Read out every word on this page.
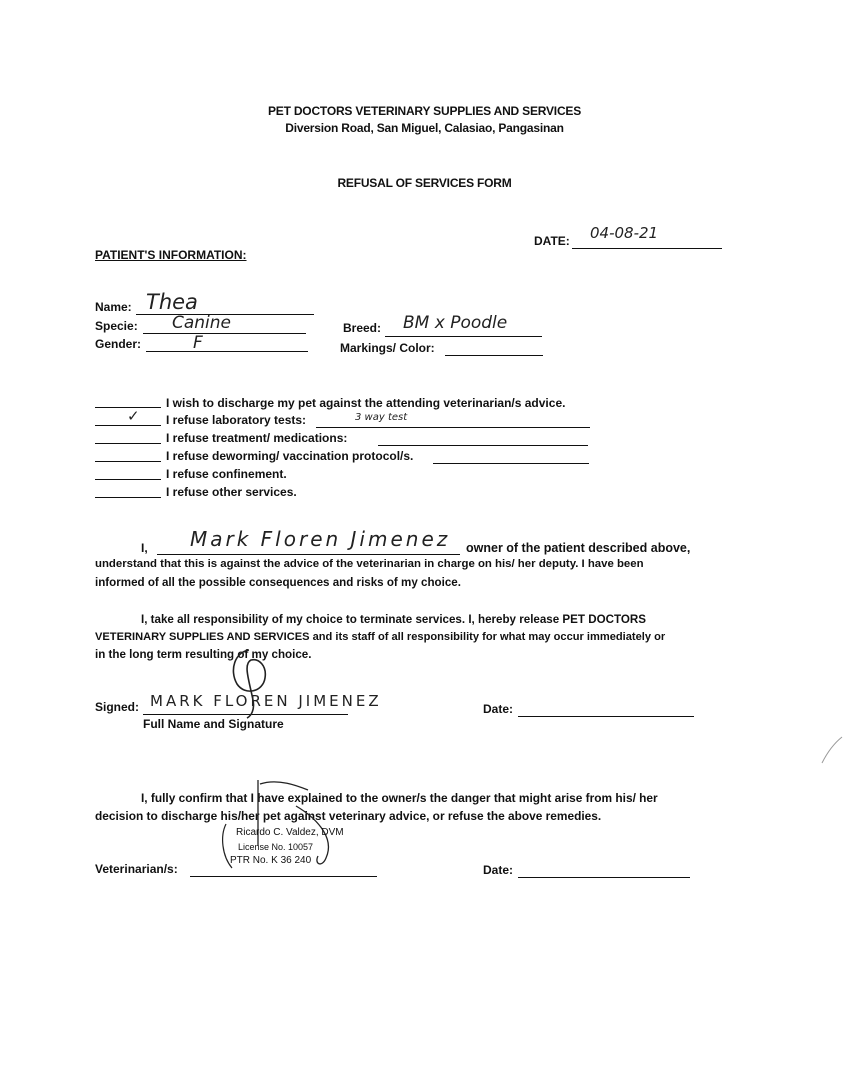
PET DOCTORS VETERINARY SUPPLIES AND SERVICES
Diversion Road, San Miguel, Calasiao, Pangasinan
REFUSAL OF SERVICES FORM
DATE: 04-08-21
PATIENT'S INFORMATION:
Name: Thea
Specie: Canine
Gender:	F
Breed: BM x Poodle
Markings/ Color:
I wish to discharge my pet against the attending veterinarian/s advice.
✓ I refuse laboratory tests:	3 way test
I refuse treatment/ medications:
I refuse deworming/ vaccination protocol/s.
I refuse confinement.
I refuse other services.
I, Mark Floren Jimenez owner of the patient described above,
understand that this is against the advice of the veterinarian in charge on his/ her deputy. I have been
informed of all the possible consequences and risks of my choice.
I, take all responsibility of my choice to terminate services. I, hereby release PET DOCTORS
VETERINARY SUPPLIES AND SERVICES and its staff of all responsibility for what may occur immediately or
in the long term resulting of my choice.
Signed: MARK FLOREN JIMENEZ
Full Name and Signature
Date:
I, fully confirm that I have explained to the owner/s the danger that might arise from his/ her
decision to discharge his/her pet against veterinary advice, or refuse the above remedies.
Ricardo C. Valdez, DVM
License No. 10057
PTR No. K 36 240
Veterinarian/s:	Date:
